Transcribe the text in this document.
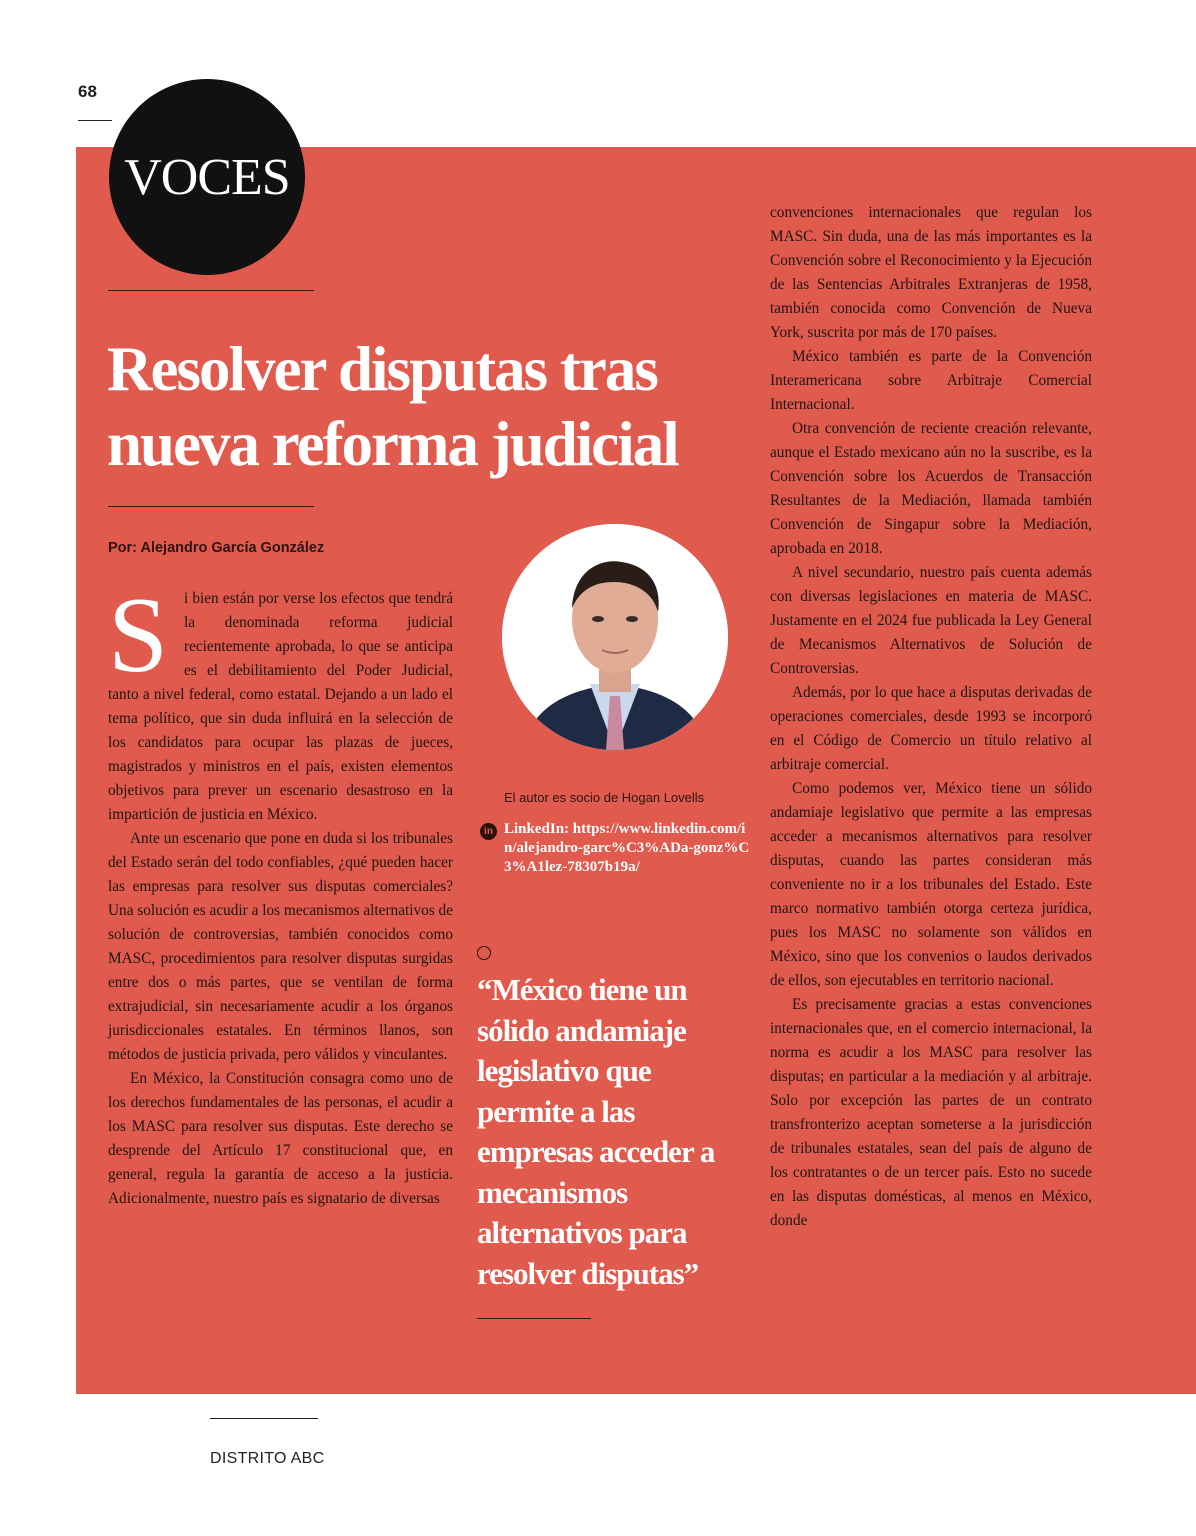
68
VOCES
Resolver disputas tras nueva reforma judicial
Por: Alejandro García González

S	i bien están por verse los efectos que tendrá la denominada reforma judicial recientemente aprobada, lo que se anticipa es el debilitamiento del Poder Judicial, tanto a nivel federal, como estatal. Dejando a un lado el tema político, que sin duda influirá en la selección de los candidatos para ocupar las plazas de jueces, magistrados y ministros en el país, existen elementos objetivos para prever un escenario desastroso en la impartición de justicia en México.

Ante un escenario que pone en duda si los tribunales del Estado serán del todo confiables, ¿qué pueden hacer las empresas para resolver sus disputas comerciales? Una solución es acudir a los mecanismos alternativos de solución de controversias, también conocidos como MASC, procedimientos para resolver disputas surgidas entre dos o más partes, que se ventilan de forma extrajudicial, sin necesariamente acudir a los órganos jurisdiccionales estatales. En términos llanos, son métodos de justicia privada, pero válidos y vinculantes.

En México, la Constitución consagra como uno de los derechos fundamentales de las personas, el acudir a los MASC para resolver sus disputas. Este derecho se desprende del Artículo 17 constitucional que, en general, regula la garantía de acceso a la justicia. Adicionalmente, nuestro país es signatario de diversas

El autor es socio de Hogan Lovells
in LinkedIn: https://www.linkedin.com/in/alejandro-garc%C3%ADa-gonz%C3%A1lez-78307b19a/
“México tiene un sólido andamiaje legislativo que permite a las empresas acceder a mecanismos alternativos para resolver disputas”

convenciones internacionales que regulan los MASC. Sin duda, una de las más importantes es la Convención sobre el Reconocimiento y la Ejecución de las Sentencias Arbitrales Extranjeras de 1958, también conocida como Convención de Nueva York, suscrita por más de 170 países.

México también es parte de la Convención Interamericana sobre Arbitraje Comercial Internacional.

Otra convención de reciente creación relevante, aunque el Estado mexicano aún no la suscribe, es la Convención sobre los Acuerdos de Transacción Resultantes de la Mediación, llamada también Convención de Singapur sobre la Mediación, aprobada en 2018.

A nivel secundario, nuestro país cuenta además con diversas legislaciones en materia de MASC. Justamente en el 2024 fue publicada la Ley General de Mecanismos Alternativos de Solución de Controversias.

Además, por lo que hace a disputas derivadas de operaciones comerciales, desde 1993 se incorporó en el Código de Comercio un título relativo al arbitraje comercial.

Como podemos ver, México tiene un sólido andamiaje legislativo que permite a las empresas acceder a mecanismos alternativos para resolver disputas, cuando las partes consideran más conveniente no ir a los tribunales del Estado. Este marco normativo también otorga certeza jurídica, pues los MASC no solamente son válidos en México, sino que los convenios o laudos derivados de ellos, son ejecutables en territorio nacional.

Es precisamente gracias a estas convenciones internacionales que, en el comercio internacional, la norma es acudir a los MASC para resolver las disputas; en particular a la mediación y al arbitraje. Solo por excepción las partes de un contrato transfronterizo aceptan someterse a la jurisdicción de tribunales estatales, sean del país de alguno de los contratantes o de un tercer país. Esto no sucede en las disputas domésticas, al menos en México, donde

DISTRITO ABC
